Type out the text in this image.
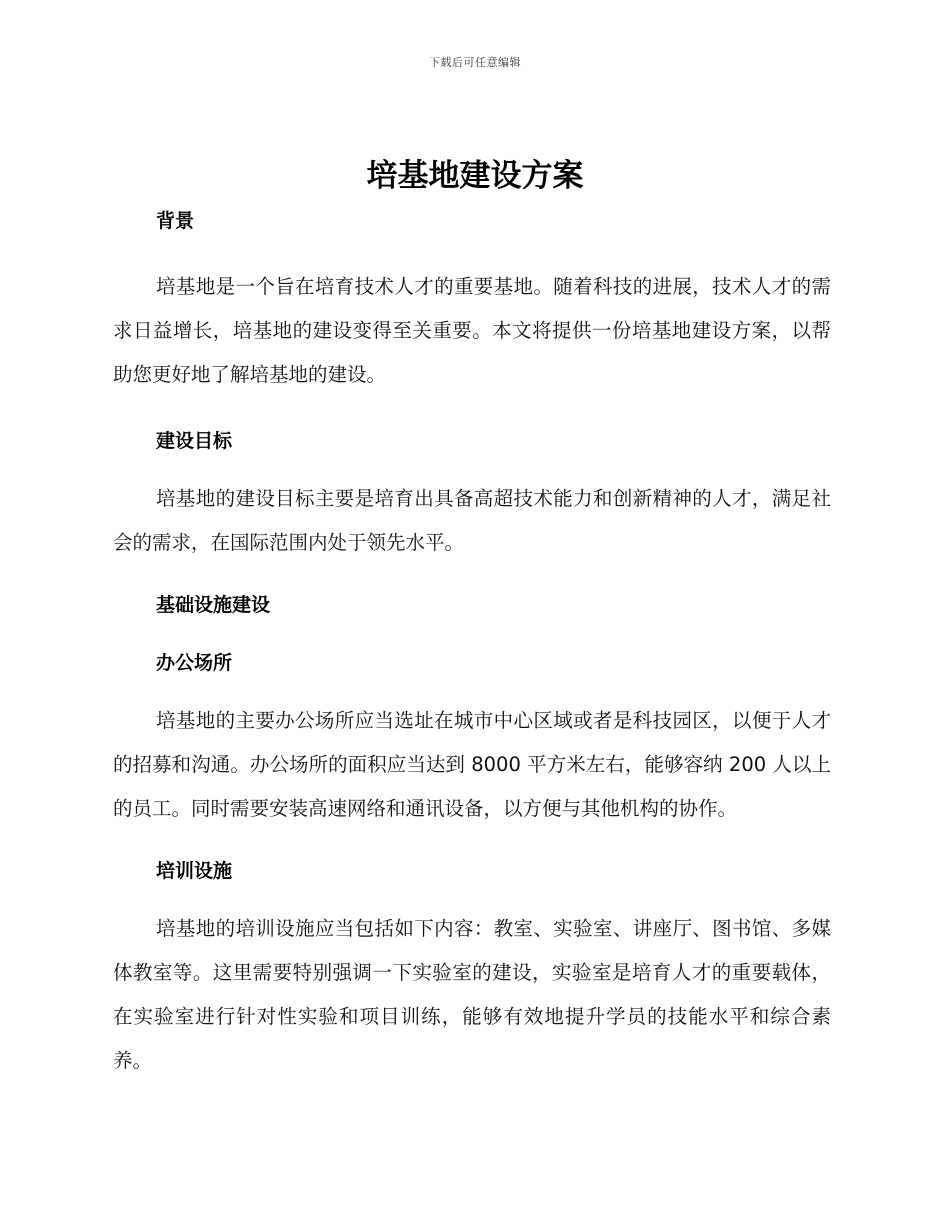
下载后可任意编辑
培基地建设方案
背景

培基地是一个旨在培育技术人才的重要基地。随着科技的进展，技术人才的需求日益增长，培基地的建设变得至关重要。本文将提供一份培基地建设方案，以帮助您更好地了解培基地的建设。

建设目标

培基地的建设目标主要是培育出具备高超技术能力和创新精神的人才，满足社会的需求，在国际范围内处于领先水平。

基础设施建设
办公场所

培基地的主要办公场所应当选址在城市中心区域或者是科技园区，以便于人才的招募和沟通。办公场所的面积应当达到 8000 平方米左右，能够容纳 200 人以上的员工。同时需要安装高速网络和通讯设备，以方便与其他机构的协作。

培训设施

培基地的培训设施应当包括如下内容：教室、实验室、讲座厅、图书馆、多媒体教室等。这里需要特别强调一下实验室的建设，实验室是培育人才的重要载体，在实验室进行针对性实验和项目训练，能够有效地提升学员的技能水平和综合素养。
